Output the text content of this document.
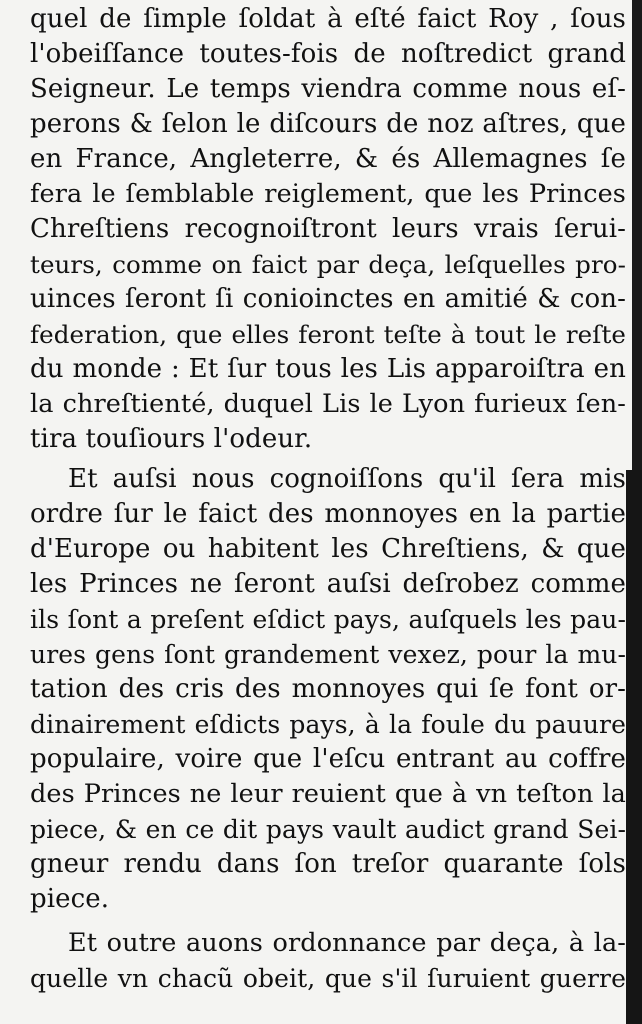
quel de ſimple ſoldat à eſté faict Roy , ſous
l'obeiſſance toutes-fois de noſtredict grand
Seigneur. Le temps viendra comme nous eſ-
perons & ſelon le diſcours de noz aſtres, que
en France, Angleterre, & és Allemagnes ſe
fera le ſemblable reiglement, que les Princes
Chreſtiens recognoiſtront leurs vrais ſerui-
teurs, comme on faict par deça, leſquelles pro-
uinces ſeront ſi conioinctes en amitié & con-
federation, que elles feront teſte à tout le reſte
du monde : Et ſur tous les Lis apparoiſtra en
la chreſtienté, duquel Lis le Lyon furieux ſen-
tira touſiours l'odeur.
Et auſsi nous cognoiſſons qu'il ſera mis
ordre ſur le faict des monnoyes en la partie
d'Europe ou habitent les Chreſtiens, & que
les Princes ne ſeront auſsi deſrobez comme
ils ſont a preſent eſdict pays, auſquels les pau-
ures gens ſont grandement vexez, pour la mu-
tation des cris des monnoyes qui ſe font or-
dinairement eſdicts pays, à la foule du pauure
populaire, voire que l'eſcu entrant au coffre
des Princes ne leur reuient que à vn teſton la
piece, & en ce dit pays vault audict grand Sei-
gneur rendu dans ſon treſor quarante ſols
piece.
Et outre auons ordonnance par deça, à la-
quelle vn chacũ obeit, que s'il ſuruient guerre
